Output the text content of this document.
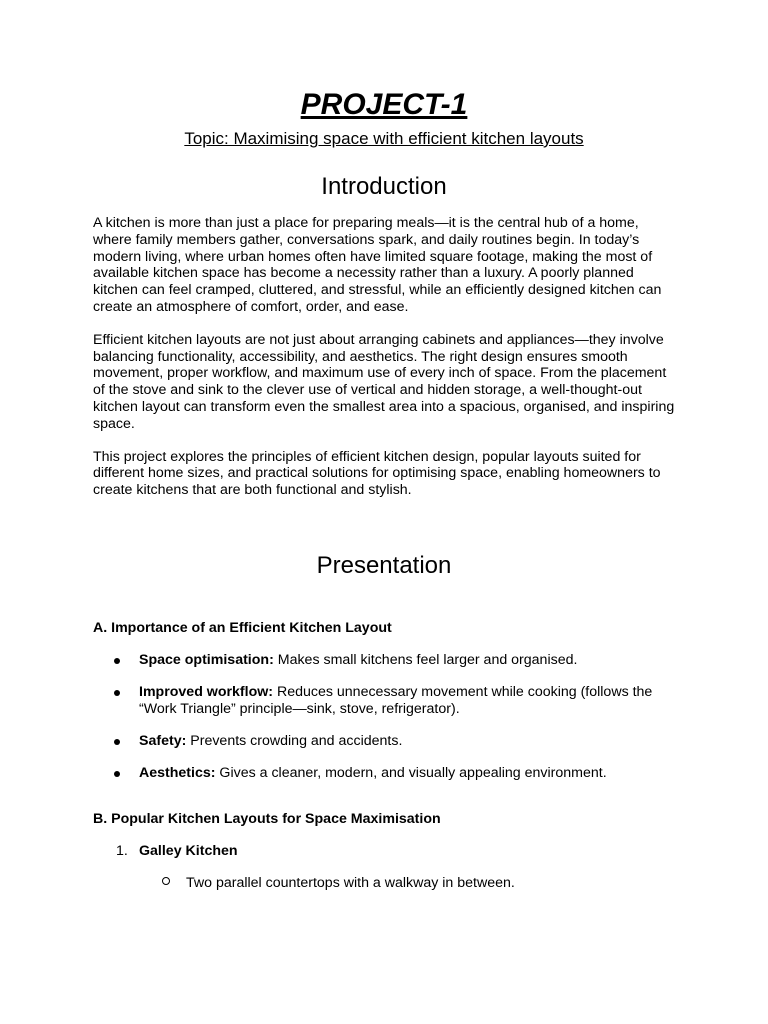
PROJECT-1

Topic: Maximising space with efficient kitchen layouts

Introduction

A kitchen is more than just a place for preparing meals—it is the central hub of a home, where family members gather, conversations spark, and daily routines begin. In today’s modern living, where urban homes often have limited square footage, making the most of available kitchen space has become a necessity rather than a luxury. A poorly planned kitchen can feel cramped, cluttered, and stressful, while an efficiently designed kitchen can create an atmosphere of comfort, order, and ease.

Efficient kitchen layouts are not just about arranging cabinets and appliances—they involve balancing functionality, accessibility, and aesthetics. The right design ensures smooth movement, proper workflow, and maximum use of every inch of space. From the placement of the stove and sink to the clever use of vertical and hidden storage, a well-thought-out kitchen layout can transform even the smallest area into a spacious, organised, and inspiring space.

This project explores the principles of efficient kitchen design, popular layouts suited for different home sizes, and practical solutions for optimising space, enabling homeowners to create kitchens that are both functional and stylish.

Presentation
A. Importance of an Efficient Kitchen Layout
Space optimisation: Makes small kitchens feel larger and organised.
Improved workflow: Reduces unnecessary movement while cooking (follows the “Work Triangle” principle—sink, stove, refrigerator).
Safety: Prevents crowding and accidents.
Aesthetics: Gives a cleaner, modern, and visually appealing environment.
B. Popular Kitchen Layouts for Space Maximisation

1. Galley Kitchen

Two parallel countertops with a walkway in between.
